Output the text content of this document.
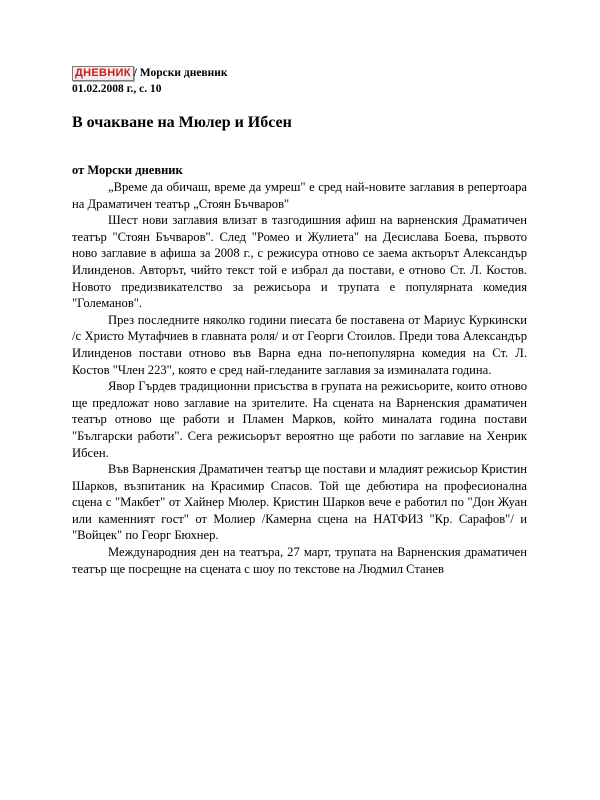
ДНЕВНИК / Морски дневник
01.02.2008 г., с. 10
В очакване на Мюлер и Ибсен
от Морски дневник

„Време да обичаш, време да умреш" е сред най-новите заглавия в репертоара на Драматичен театър „Стоян Бъчваров"

Шест нови заглавия влизат в тазгодишния афиш на варненския Драматичен театър "Стоян Бъчваров". След "Ромео и Жулиета" на Десислава Боева, първото ново заглавие в афиша за 2008 г., с режисура отново се заема актьорът Александър Илинденов. Авторът, чийто текст той е избрал да постави, е отново Ст. Л. Костов. Новото предизвикателство за режисьора и трупата е популярната комедия "Големанов".

През последните няколко години пиесата бе поставена от Мариус Куркински /с Христо Мутафчиев в главната роля/ и от Георги Стоилов. Преди това Александър Илинденов постави отново във Варна една по-непопулярна комедия на Ст. Л. Костов "Член 223", която е сред най-гледаните заглавия за изминалата година.

Явор Гърдев традиционни присъства в групата на режисьорите, които отново ще предложат ново заглавие на зрителите. На сцената на Варненския драматичен театър отново ще работи и Пламен Марков, който миналата година постави "Български работи". Сега режисьорът вероятно ще работи по заглавие на Хенрик Ибсен.

Във Варненския Драматичен театър ще постави и младият режисьор Кристин Шарков, възпитаник на Красимир Спасов. Той ще дебютира на професионална сцена с "Макбет" от Хайнер Мюлер. Кристин Шарков вече е работил по "Дон Жуан или каменният гост" от Молиер /Камерна сцена на НАТФИЗ "Кр. Сарафов"/ и "Войцек" по Георг Бюхнер.

Международния ден на театъра, 27 март, трупата на Варненския драматичен театър ще посрещне на сцената с шоу по текстове на Людмил Станев
